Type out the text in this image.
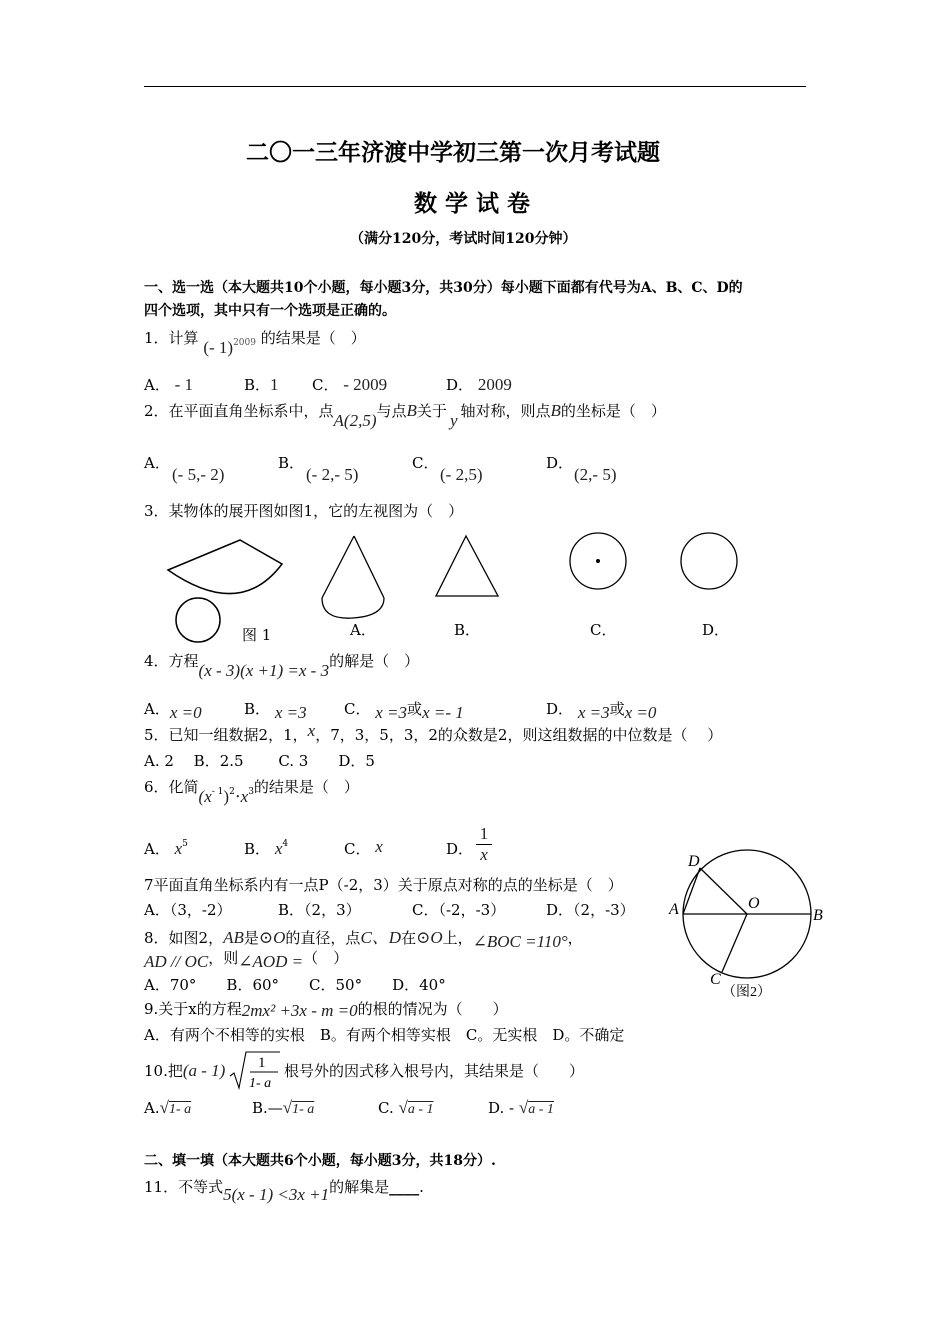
二〇一三年济渡中学初三第一次月考试题
数学试卷
（满分120分，考试时间120分钟）
一、选一选（本大题共10个小题，每小题3分，共30分）每小题下面都有代号为A、B、C、D的
四个选项，其中只有一个选项是正确的。
1．计算 (- 1)$^{2009}$ 的结果是（　）
A． - 1	B．1 C． - 2009	D． 2009
2．在平面直角坐标系中，点A(2,5)与点B关于 y 轴对称，则点B的坐标是（　）
A．
(- 5,- 2)
B．
(- 2,- 5)
C．
(- 2,5)
D．
(2,- 5)
3．某物体的展开图如图1，它的左视图为（　）
图 1	A．	B．	C．	D．
4．方程(x - 3)(x +1) =x - 3的解是（　）
A．x =0	B． x =3 C． x =3或x =- 1	D． x =3或x =0
5．已知一组数据2，1，x，7，3，5，3，2的众数是2，则这组数据的中位数是（　 ）
A. 2　 B．2.5　 　C. 3　　D．5
6．化简$(x^{- 1})^2\cdot x^3$的结果是（　）
A． $x^5$	B． $x^4$	C． x	D．
1
x
7平面直角坐标系内有一点P（-2，3）关于原点对称的点的坐标是（　）
A．（3，-2）	B．（2，3）	C．（-2，-3）	D．（2，-3）
8．如图2，AB是⊙O的直径，点C、D在⊙O上，∠BOC =110°，
AD // OC，则∠AOD =（　）
A．70°　　B．60°　　C．50°　　D．40°
D
A	O
B
C
（图2）
9.关于x的方程2mx² +3x - m =0的根的情况为（　　）
A．有两个不相等的实根　B。有两个相等实根　C。无实根　D。不确定
10.把(a - 1) 1
1- a
根号外的因式移入根号内，其结果是（　　）
A.√1- a	B.—√1- a	C. √a - 1	D. - √a - 1
二、填一填（本大题共6个小题，每小题3分，共18分）.
11．不等式5(x - 1) <3x +1的解集是____.
